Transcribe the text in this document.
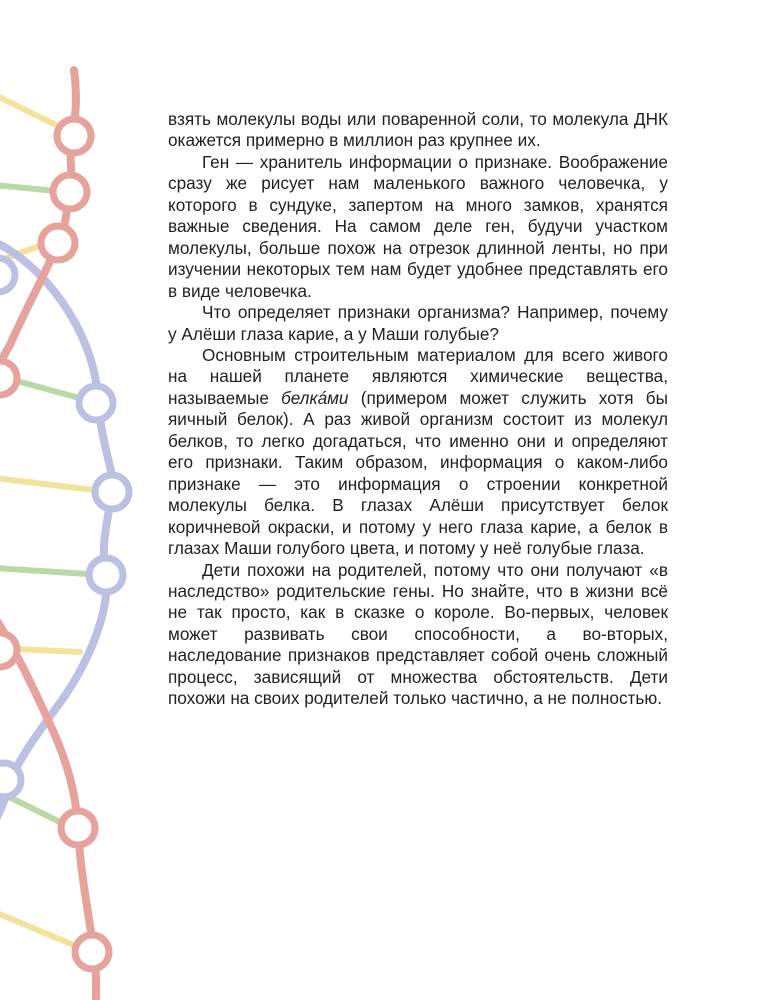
взять молекулы воды или поваренной соли, то молекула ДНК окажется примерно в миллион раз крупнее их.

Ген — хранитель информации о признаке. Воображение сразу же рисует нам маленького важного человечка, у которого в сундуке, запертом на много замков, хранятся важные сведения. На самом деле ген, будучи участком молекулы, больше похож на отрезок длинной ленты, но при изучении некоторых тем нам будет удобнее представлять его в виде человечка.

Что определяет признаки организма? Например, почему у Алёши глаза карие, а у Маши голубые?

Основным строительным материалом для всего живого на нашей планете являются химические вещества, называемые белкáми (примером может служить хотя бы яичный белок). А раз живой организм состоит из молекул белков, то легко догадаться, что именно они и определяют его признаки. Таким образом, информация о каком-либо признаке — это информация о строении конкретной молекулы белка. В глазах Алёши присутствует белок коричневой окраски, и потому у него глаза карие, а белок в глазах Маши голубого цвета, и потому у неё голубые глаза.

Дети похожи на родителей, потому что они получают «в наследство» родительские гены. Но знайте, что в жизни всё не так просто, как в сказке о короле. Во-первых, человек может развивать свои способности, а во-вторых, наследование признаков представляет собой очень сложный процесс, зависящий от множества обстоятельств. Дети похожи на своих родителей только частично, а не полностью.
